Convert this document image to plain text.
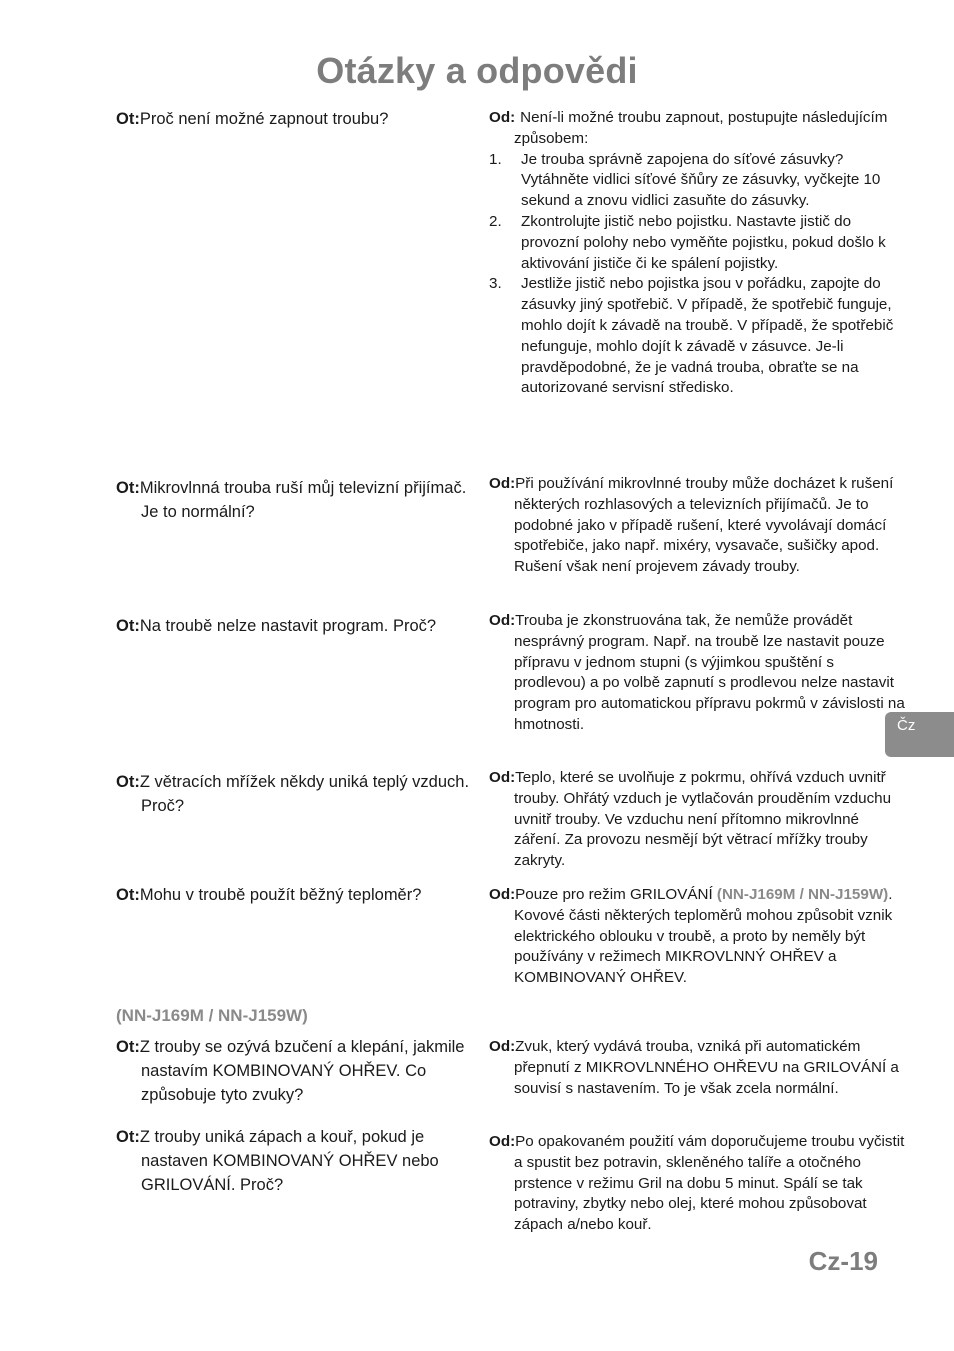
Otázky a odpovědi
Ot:Proč není možné zapnout troubu?	Od: Není-li možné troubu zapnout, postupujte následujícím způsobem:
1. Je trouba správně zapojena do síťové zásuvky? Vytáhněte vidlici síťové šňůry ze zásuvky, vyčkejte 10 sekund a znovu vidlici zasuňte do zásuvky.
2. Zkontrolujte jistič nebo pojistku. Nastavte jistič do provozní polohy nebo vyměňte pojistku, pokud došlo k aktivování jističe či ke spálení pojistky.
3. Jestliže jistič nebo pojistka jsou v pořádku, zapojte do zásuvky jiný spotřebič. V případě, že spotřebič funguje, mohlo dojít k závadě na troubě. V případě, že spotřebič nefunguje, mohlo dojít k závadě v zásuvce. Je-li pravděpodobné, že je vadná trouba, obraťte se na autorizované servisní středisko.
Ot:Mikrovlnná trouba ruší můj televizní přijímač. Je to normální?
Od:Při používání mikrovlnné trouby může docházet k rušení některých rozhlasových a televizních přijímačů. Je to podobné jako v případě rušení, které vyvolávají domácí spotřebiče, jako např. mixéry, vysavače, sušičky apod. Rušení však není projevem závady trouby.
Ot:Na troubě nelze nastavit program. Proč?	Od:Trouba je zkonstruována tak, že nemůže provádět nesprávný program. Např. na troubě lze nastavit pouze přípravu v jednom stupni (s výjimkou spuštění s prodlevou) a po volbě zapnutí s prodlevou nelze nastavit program pro automatickou přípravu pokrmů v závislosti na hmotnosti.
Ot:Z větracích mřížek někdy uniká teplý vzduch. Proč?
Od:Teplo, které se uvolňuje z pokrmu, ohřívá vzduch uvnitř trouby. Ohřátý vzduch je vytlačován prouděním vzduchu uvnitř trouby. Ve vzduchu není přítomno mikrovlnné záření. Za provozu nesmějí být větrací mřížky trouby zakryty.
Ot:Mohu v troubě použít běžný teploměr?	Od:Pouze pro režim GRILOVÁNÍ (NN-J169M / NN-J159W). Kovové části některých teploměrů mohou způsobit vznik elektrického oblouku v troubě, a proto by neměly být používány v režimech MIKROVLNNÝ OHŘEV a KOMBINOVANÝ OHŘEV.
(NN-J169M / NN-J159W)
Ot:Z trouby se ozývá bzučení a klepání, jakmile nastavím KOMBINOVANÝ OHŘEV. Co způsobuje tyto zvuky?
Od:Zvuk, který vydává trouba, vzniká při automatickém přepnutí z MIKROVLNNÉHO OHŘEVU na GRILOVÁNÍ a souvisí s nastavením. To je však zcela normální.
Ot:Z trouby uniká zápach a kouř, pokud je nastaven KOMBINOVANÝ OHŘEV nebo GRILOVÁNÍ. Proč?
Od:Po opakovaném použití vám doporučujeme troubu vyčistit a spustit bez potravin, skleněného talíře a otočného prstence v režimu Gril na dobu 5 minut. Spálí se tak potraviny, zbytky nebo olej, které mohou způsobovat zápach a/nebo kouř.
Čz
Cz-19
